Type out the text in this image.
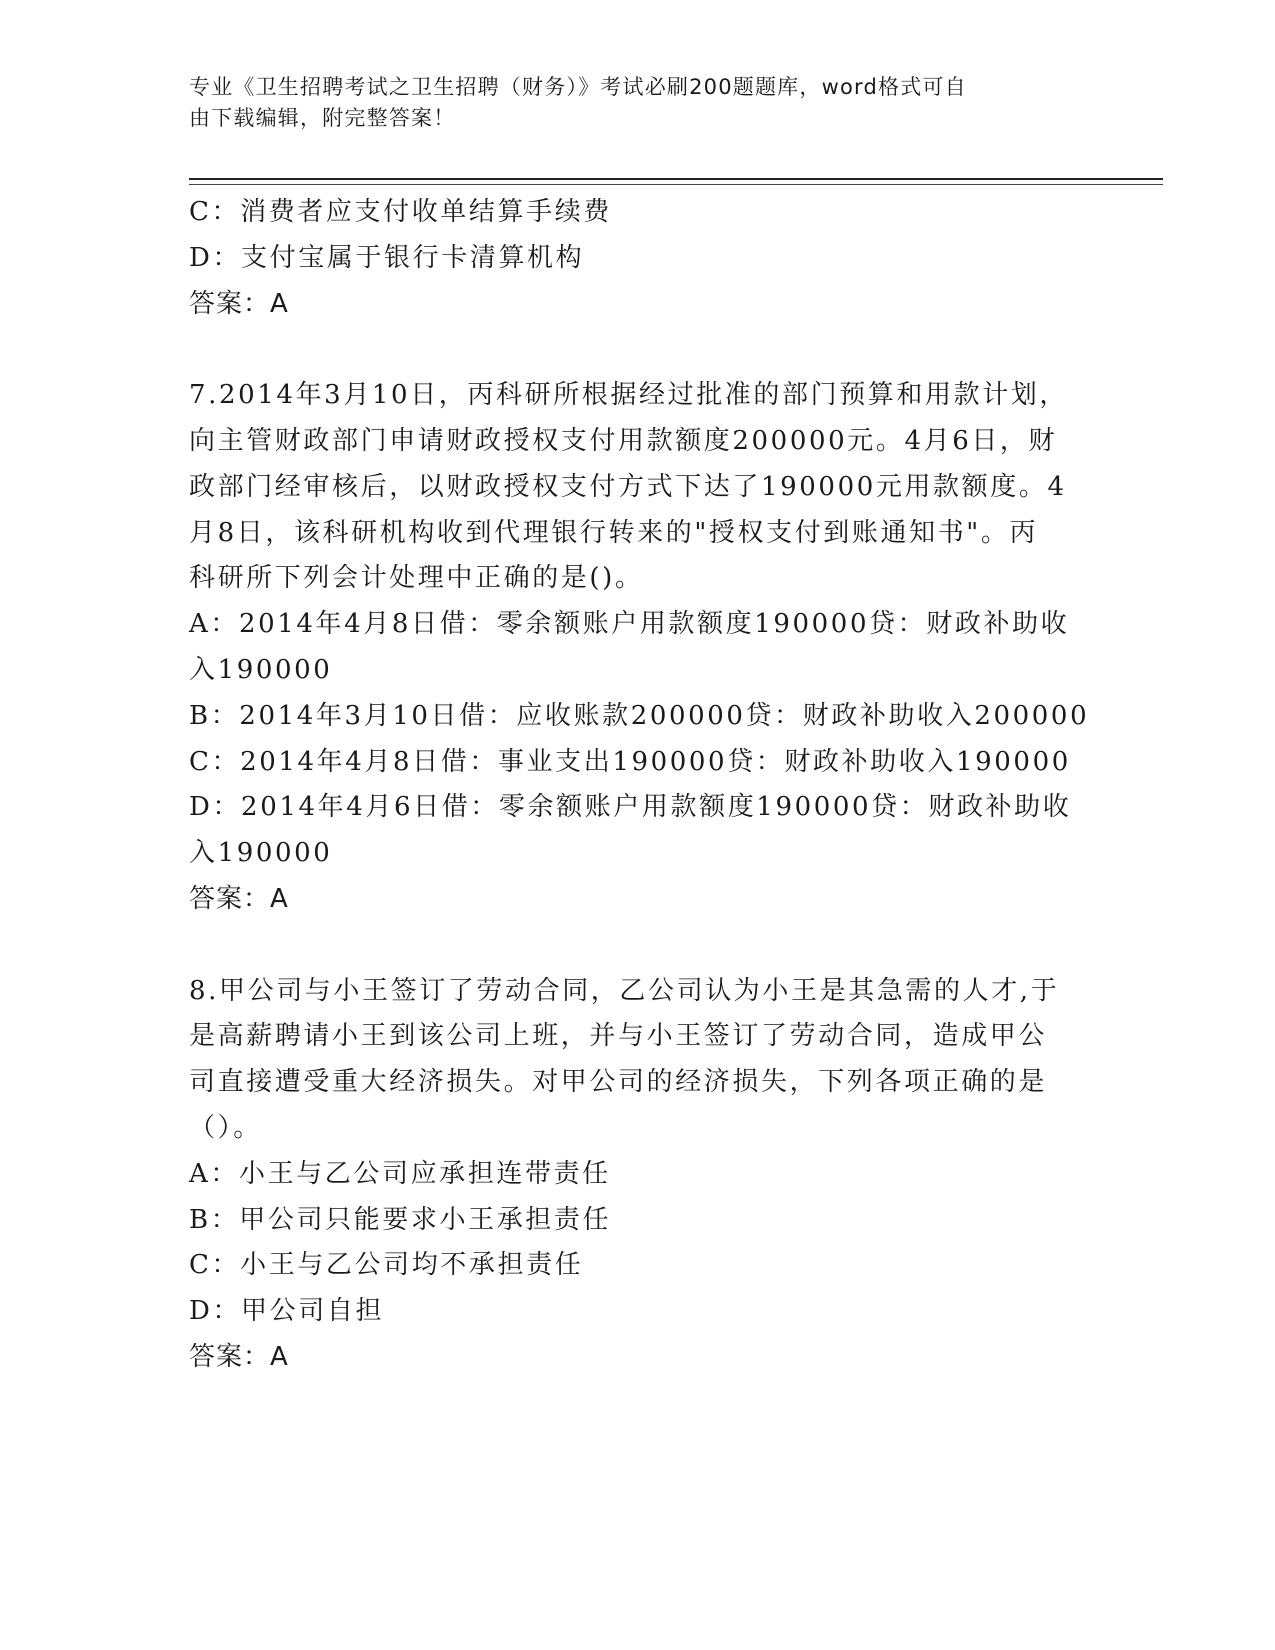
专业《卫生招聘考试之卫生招聘（财务）》考试必刷200题题库，word格式可自
由下载编辑，附完整答案！
C：消费者应支付收单结算手续费
D：支付宝属于银行卡清算机构
答案：A
7.2014年3月10日，丙科研所根据经过批准的部门预算和用款计划，
向主管财政部门申请财政授权支付用款额度200000元。4月6日，财
政部门经审核后，以财政授权支付方式下达了190000元用款额度。4
月8日，该科研机构收到代理银行转来的"授权支付到账通知书"。丙
科研所下列会计处理中正确的是()。
A：2014年4月8日借：零余额账户用款额度190000贷：财政补助收
入190000
B：2014年3月10日借：应收账款200000贷：财政补助收入200000
C：2014年4月8日借：事业支出190000贷：财政补助收入190000
D：2014年4月6日借：零余额账户用款额度190000贷：财政补助收
入190000
答案：A
8.甲公司与小王签订了劳动合同，乙公司认为小王是其急需的人才,于
是高薪聘请小王到该公司上班，并与小王签订了劳动合同，造成甲公
司直接遭受重大经济损失。对甲公司的经济损失，下列各项正确的是
（）。
A：小王与乙公司应承担连带责任
B：甲公司只能要求小王承担责任
C：小王与乙公司均不承担责任
D：甲公司自担
答案：A
